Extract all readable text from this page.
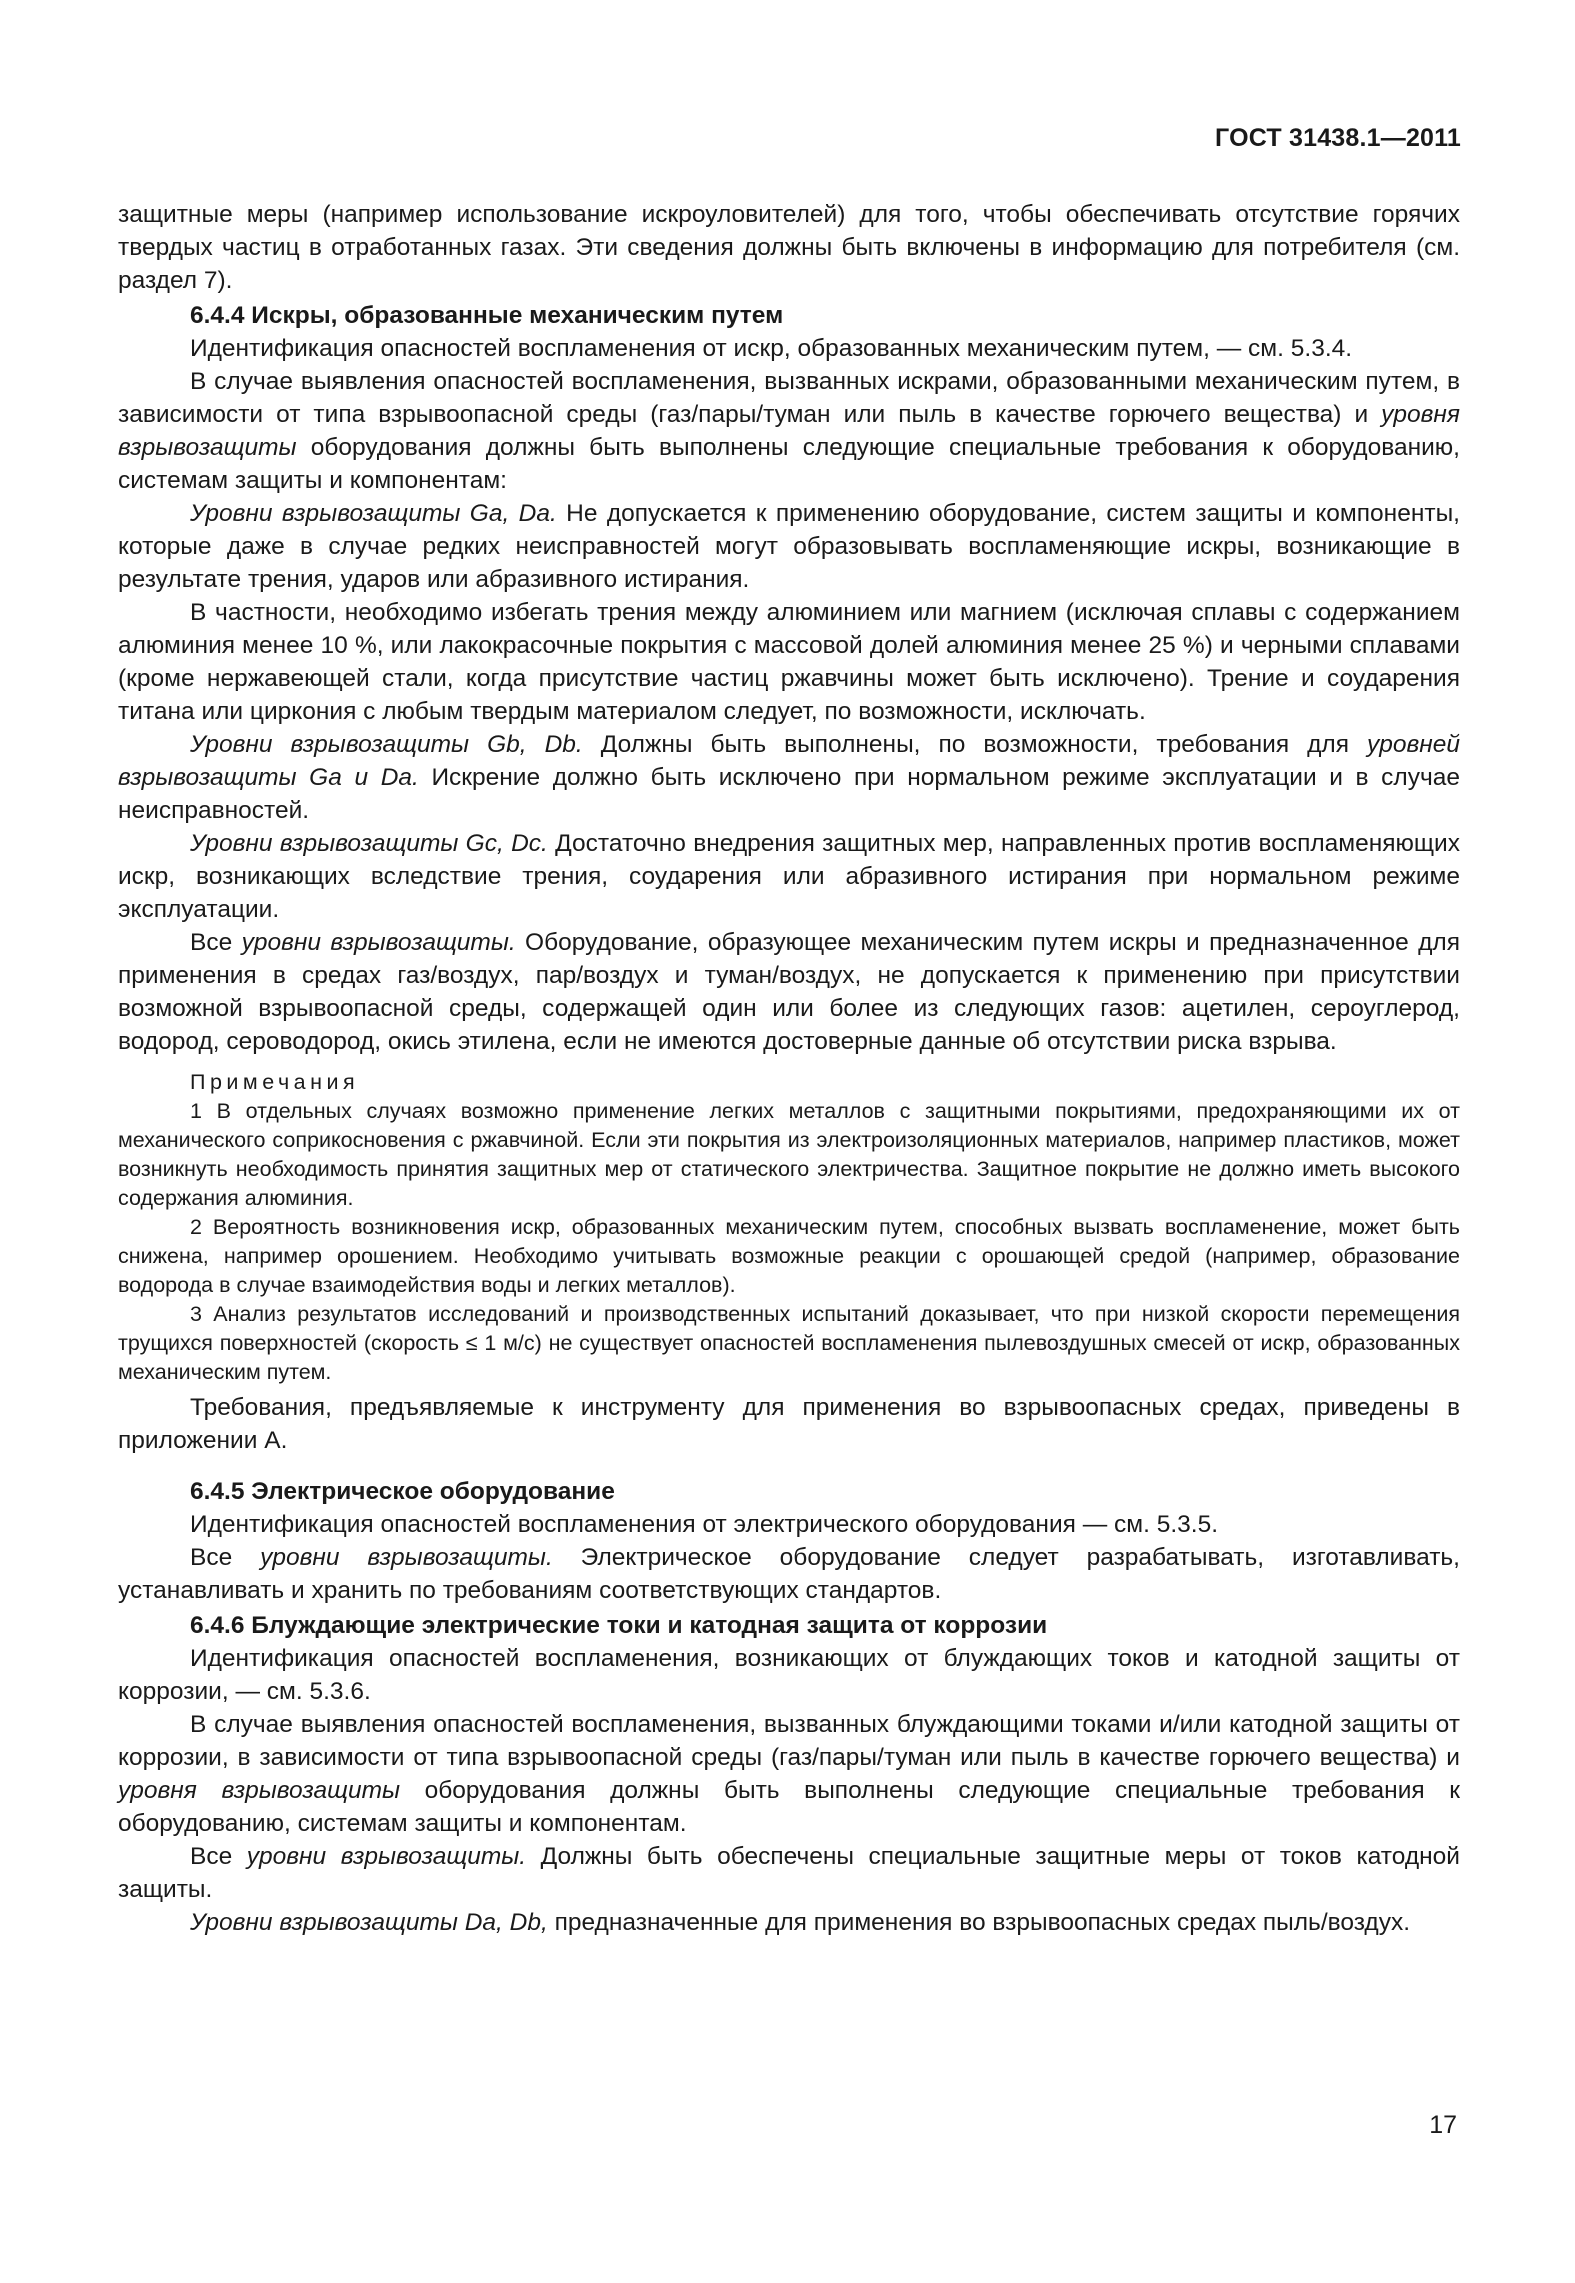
ГОСТ 31438.1—2011

защитные меры (например использование искроуловителей) для того, чтобы обеспечивать отсутствие горячих твердых частиц в отработанных газах. Эти сведения должны быть включены в информацию для потребителя (см. раздел 7).

6.4.4 Искры, образованные механическим путем

Идентификация опасностей воспламенения от искр, образованных механическим путем, — см. 5.3.4.

В случае выявления опасностей воспламенения, вызванных искрами, образованными механическим путем, в зависимости от типа взрывоопасной среды (газ/пары/туман или пыль в качестве горючего вещества) и уровня взрывозащиты оборудования должны быть выполнены следующие специальные требования к оборудованию, системам защиты и компонентам:

Уровни взрывозащиты Ga, Da. Не допускается к применению оборудование, систем защиты и компоненты, которые даже в случае редких неисправностей могут образовывать воспламеняющие искры, возникающие в результате трения, ударов или абразивного истирания.

В частности, необходимо избегать трения между алюминием или магнием (исключая сплавы с содержанием алюминия менее 10 %, или лакокрасочные покрытия с массовой долей алюминия менее 25 %) и черными сплавами (кроме нержавеющей стали, когда присутствие частиц ржавчины может быть исключено). Трение и соударения титана или циркония с любым твердым материалом следует, по возможности, исключать.

Уровни взрывозащиты Gb, Db. Должны быть выполнены, по возможности, требования для уровней взрывозащиты Ga и Da. Искрение должно быть исключено при нормальном режиме эксплуатации и в случае неисправностей.

Уровни взрывозащиты Gc, Dc. Достаточно внедрения защитных мер, направленных против воспламеняющих искр, возникающих вследствие трения, соударения или абразивного истирания при нормальном режиме эксплуатации.

Все уровни взрывозащиты. Оборудование, образующее механическим путем искры и предназначенное для применения в средах газ/воздух, пар/воздух и туман/воздух, не допускается к применению при присутствии возможной взрывоопасной среды, содержащей один или более из следующих газов: ацетилен, сероуглерод, водород, сероводород, окись этилена, если не имеются достоверные данные об отсутствии риска взрыва.

Примечания

1 В отдельных случаях возможно применение легких металлов с защитными покрытиями, предохраняющими их от механического соприкосновения с ржавчиной. Если эти покрытия из электроизоляционных материалов, например пластиков, может возникнуть необходимость принятия защитных мер от статического электричества. Защитное покрытие не должно иметь высокого содержания алюминия.

2 Вероятность возникновения искр, образованных механическим путем, способных вызвать воспламенение, может быть снижена, например орошением. Необходимо учитывать возможные реакции с орошающей средой (например, образование водорода в случае взаимодействия воды и легких металлов).

3 Анализ результатов исследований и производственных испытаний доказывает, что при низкой скорости перемещения трущихся поверхностей (скорость ≤ 1 м/с) не существует опасностей воспламенения пылевоздушных смесей от искр, образованных механическим путем.

Требования, предъявляемые к инструменту для применения во взрывоопасных средах, приведены в приложении А.

6.4.5 Электрическое оборудование

Идентификация опасностей воспламенения от электрического оборудования — см. 5.3.5.

Все уровни взрывозащиты. Электрическое оборудование следует разрабатывать, изготавливать, устанавливать и хранить по требованиям соответствующих стандартов.

6.4.6 Блуждающие электрические токи и катодная защита от коррозии

Идентификация опасностей воспламенения, возникающих от блуждающих токов и катодной защиты от коррозии, — см. 5.3.6.

В случае выявления опасностей воспламенения, вызванных блуждающими токами и/или катодной защиты от коррозии, в зависимости от типа взрывоопасной среды (газ/пары/туман или пыль в качестве горючего вещества) и уровня взрывозащиты оборудования должны быть выполнены следующие специальные требования к оборудованию, системам защиты и компонентам.

Все уровни взрывозащиты. Должны быть обеспечены специальные защитные меры от токов катодной защиты.

Уровни взрывозащиты Da, Db, предназначенные для применения во взрывоопасных средах пыль/воздух.

17
